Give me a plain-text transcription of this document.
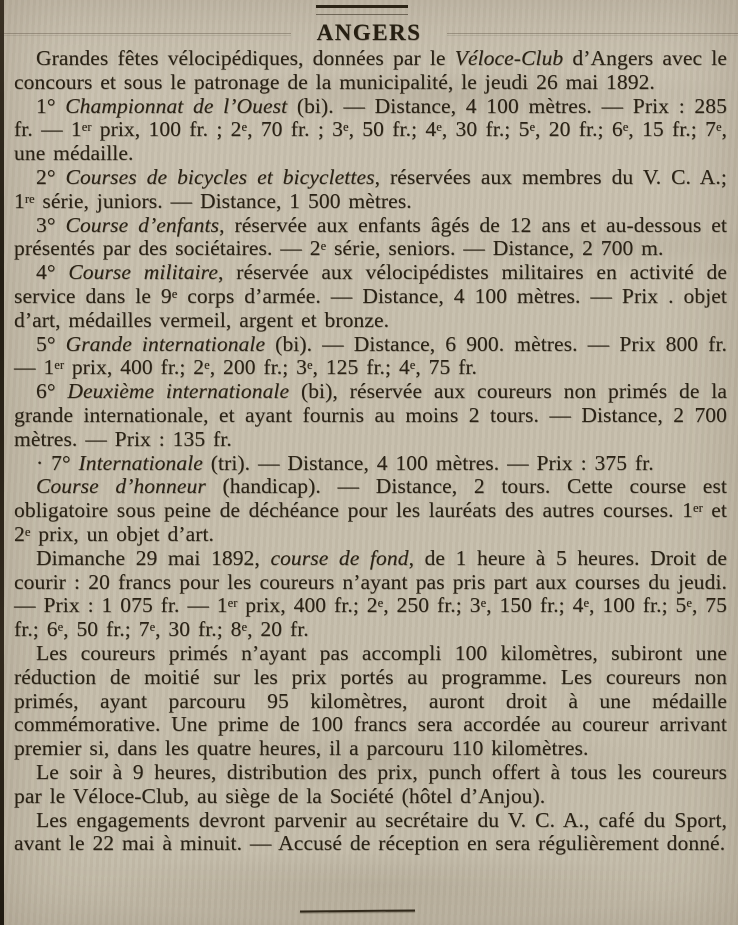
ANGERS

Grandes fêtes vélocipédiques, données par le Véloce-Club d’Angers avec le concours et sous le patronage de la municipalité, le jeudi 26 mai 1892.

1° Championnat de l’Ouest (bi). — Distance, 4 100 mètres. — Prix : 285 fr. — 1er prix, 100 fr. ; 2e, 70 fr. ; 3e, 50 fr.; 4e, 30 fr.; 5e, 20 fr.; 6e, 15 fr.; 7e, une médaille.

2° Courses de bicycles et bicyclettes, réservées aux membres du V. C. A.; 1re série, juniors. — Distance, 1 500 mètres.

3° Course d’enfants, réservée aux enfants âgés de 12 ans et au-dessous et présentés par des sociétaires. — 2e série, seniors. — Distance, 2 700 m.

4° Course militaire, réservée aux vélocipédistes militaires en activité de service dans le 9e corps d’armée. — Distance, 4 100 mètres. — Prix . objet d’art, médailles vermeil, argent et bronze.

5° Grande internationale (bi). — Distance, 6 900. mètres. — Prix 800 fr. — 1er prix, 400 fr.; 2e, 200 fr.; 3e, 125 fr.; 4e, 75 fr.

6° Deuxième internationale (bi), réservée aux coureurs non primés de la grande internationale, et ayant fournis au moins 2 tours. — Distance, 2 700 mètres. — Prix : 135 fr.

· 7° Internationale (tri). — Distance, 4 100 mètres. — Prix : 375 fr.

Course d’honneur (handicap). — Distance, 2 tours. Cette course est obligatoire sous peine de déchéance pour les lauréats des autres courses. 1er et 2e prix, un objet d’art.

Dimanche 29 mai 1892, course de fond, de 1 heure à 5 heures. Droit de courir : 20 francs pour les coureurs n’ayant pas pris part aux courses du jeudi. — Prix : 1 075 fr. — 1er prix, 400 fr.; 2e, 250 fr.; 3e, 150 fr.; 4e, 100 fr.; 5e, 75 fr.; 6e, 50 fr.; 7e, 30 fr.; 8e, 20 fr.

Les coureurs primés n’ayant pas accompli 100 kilomètres, subiront une réduction de moitié sur les prix portés au programme. Les coureurs non primés, ayant parcouru 95 kilomètres, auront droit à une médaille commémorative. Une prime de 100 francs sera accordée au coureur arrivant premier si, dans les quatre heures, il a parcouru 110 kilomètres.

Le soir à 9 heures, distribution des prix, punch offert à tous les coureurs par le Véloce-Club, au siège de la Société (hôtel d’Anjou).

Les engagements devront parvenir au secrétaire du V. C. A., café du Sport, avant le 22 mai à minuit. — Accusé de réception en sera régulièrement donné.
